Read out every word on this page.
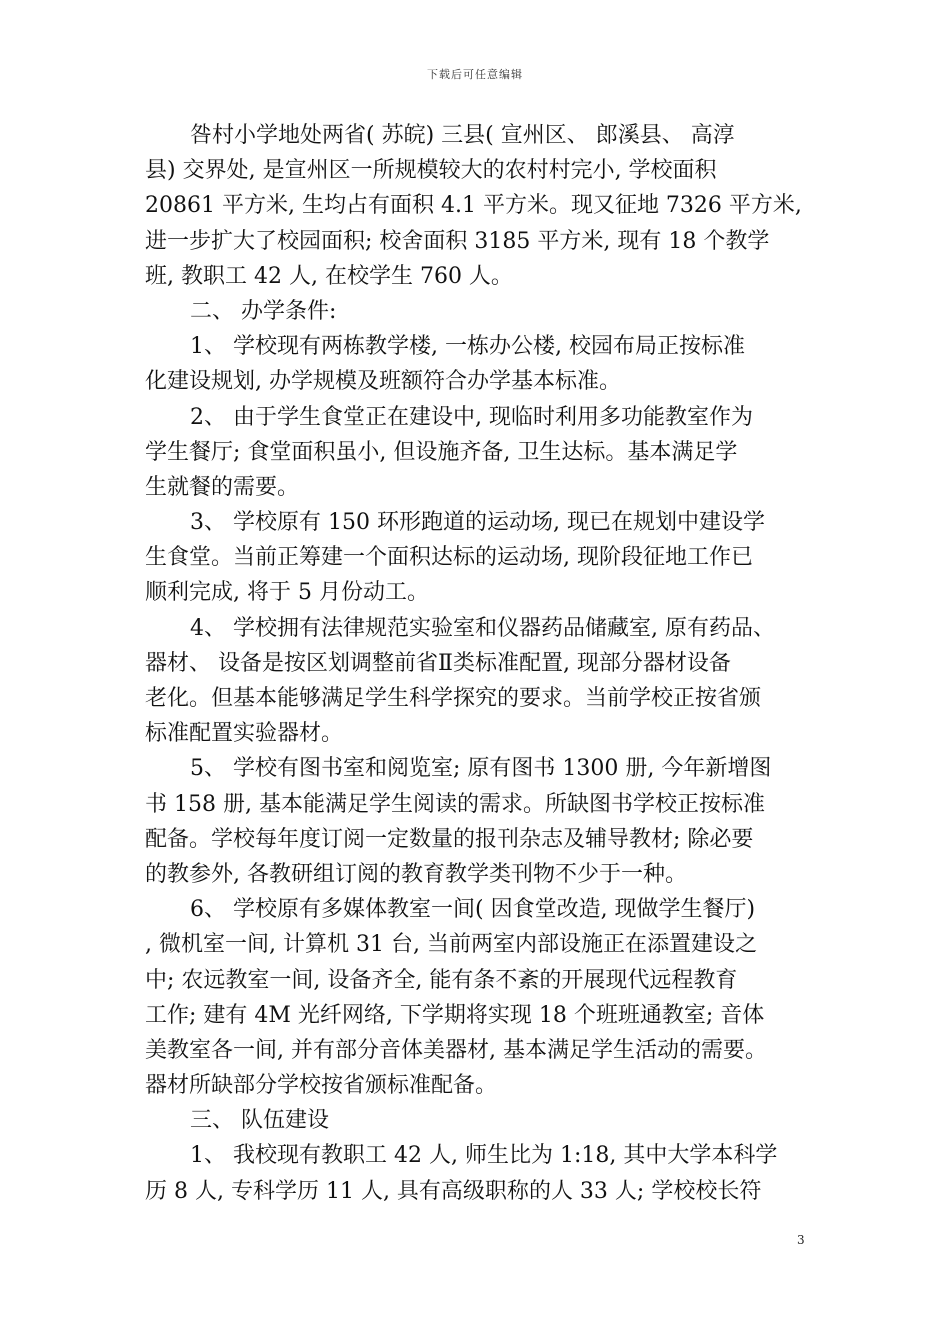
下载后可任意编辑
咎村小学地处两省( 苏皖) 三县( 宣州区、 郎溪县、 高淳
县) 交界处, 是宣州区一所规模较大的农村村完小, 学校面积
20861 平方米, 生均占有面积 4.1 平方米。现又征地 7326 平方米,
进一步扩大了校园面积; 校舍面积 3185 平方米, 现有 18 个教学
班, 教职工 42 人, 在校学生 760 人。
二、 办学条件:
1、 学校现有两栋教学楼, 一栋办公楼, 校园布局正按标准
化建设规划, 办学规模及班额符合办学基本标准。
2、 由于学生食堂正在建设中, 现临时利用多功能教室作为
学生餐厅; 食堂面积虽小, 但设施齐备, 卫生达标。基本满足学
生就餐的需要。
3、 学校原有 150 环形跑道的运动场, 现已在规划中建设学
生食堂。当前正筹建一个面积达标的运动场, 现阶段征地工作已
顺利完成, 将于 5 月份动工。
4、 学校拥有法律规范实验室和仪器药品储藏室, 原有药品、
器材、 设备是按区划调整前省Ⅱ类标准配置, 现部分器材设备
老化。但基本能够满足学生科学探究的要求。当前学校正按省颁
标准配置实验器材。
5、 学校有图书室和阅览室; 原有图书 1300 册, 今年新增图
书 158 册, 基本能满足学生阅读的需求。所缺图书学校正按标准
配备。学校每年度订阅一定数量的报刊杂志及辅导教材; 除必要
的教参外, 各教研组订阅的教育教学类刊物不少于一种。
6、 学校原有多媒体教室一间( 因食堂改造, 现做学生餐厅)
, 微机室一间, 计算机 31 台, 当前两室内部设施正在添置建设之
中; 农远教室一间, 设备齐全, 能有条不紊的开展现代远程教育
工作; 建有 4M 光纤网络, 下学期将实现 18 个班班通教室; 音体
美教室各一间, 并有部分音体美器材, 基本满足学生活动的需要。
器材所缺部分学校按省颁标准配备。
三、 队伍建设
1、 我校现有教职工 42 人, 师生比为 1:18, 其中大学本科学
历 8 人, 专科学历 11 人, 具有高级职称的人 33 人; 学校校长符
3
